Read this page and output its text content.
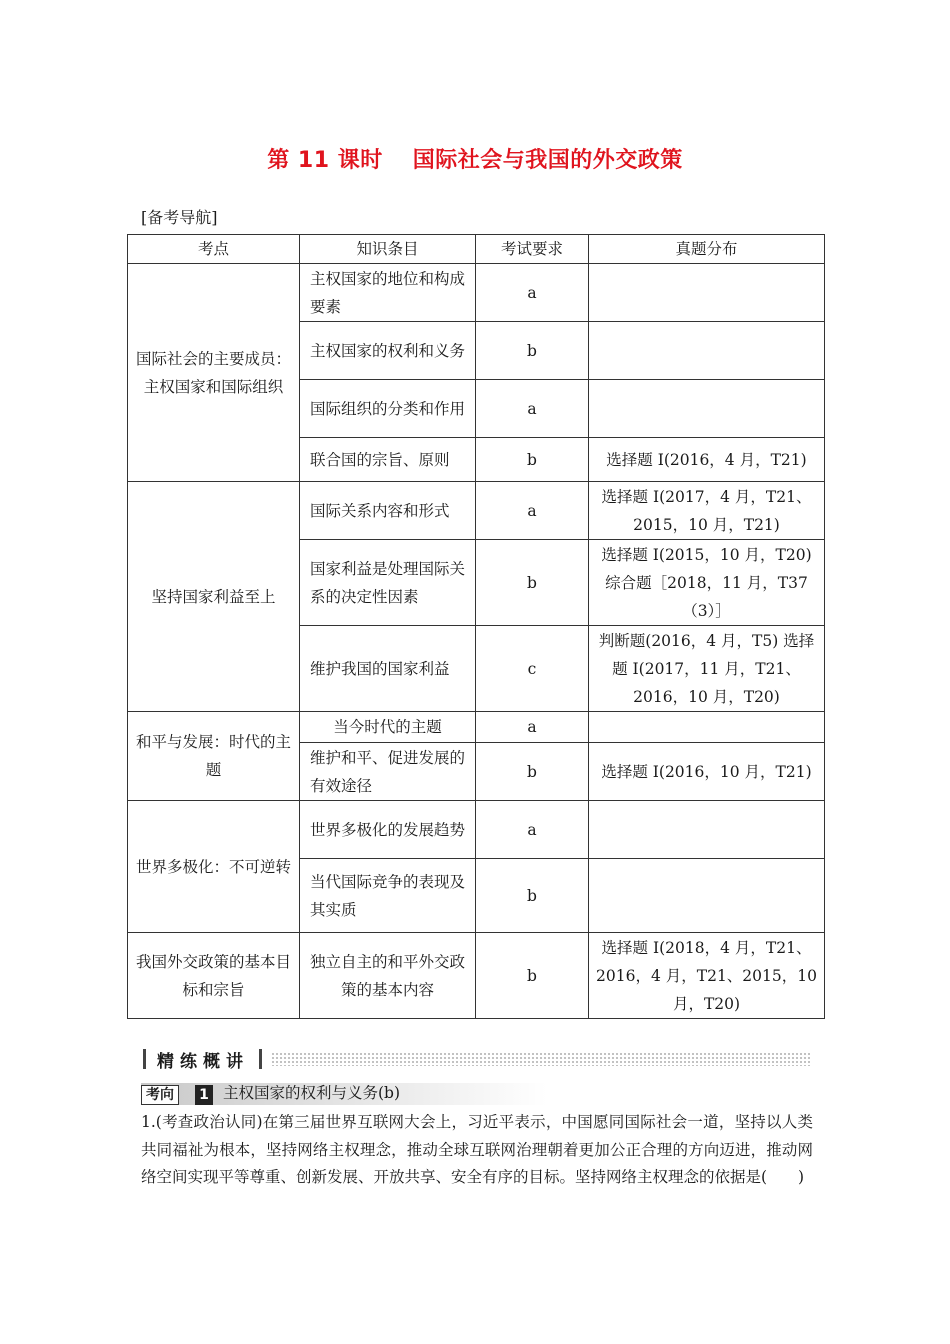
第 11 课时 国际社会与我国的外交政策
[备考导航]
考点	知识条目	考试要求	真题分布
国际社会的主要成员：主权国家和国际组织	主权国家的地位和构成要素	a	
	主权国家的权利和义务	b	
	国际组织的分类和作用	a	
	联合国的宗旨、原则	b	选择题 Ⅰ(2016，4 月，T21)
坚持国家利益至上	国际关系内容和形式	a	选择题 Ⅰ(2017，4 月，T21、2015，10 月，T21)
	国家利益是处理国际关系的决定性因素	b	选择题 Ⅰ(2015，10 月，T20) 综合题［2018，11 月，T37（3）］
	维护我国的国家利益	c	判断题(2016，4 月，T5) 选择题 Ⅰ(2017，11 月，T21、2016，10 月，T20)
和平与发展：时代的主题	当今时代的主题	a	
	维护和平、促进发展的有效途径	b	选择题 Ⅰ(2016，10 月，T21)
世界多极化：不可逆转	世界多极化的发展趋势	a	
	当代国际竞争的表现及其实质	b	
我国外交政策的基本目标和宗旨	独立自主的和平外交政策的基本内容	b	选择题 Ⅰ(2018，4 月，T21、2016，4 月，T21、2015，10 月，T20)
精练概讲
考向	1 主权国家的权利与义务(b)
1.(考查政治认同)在第三届世界互联网大会上，习近平表示，中国愿同国际社会一道，坚持以人类共同福祉为根本，坚持网络主权理念，推动全球互联网治理朝着更加公正合理的方向迈进，推动网络空间实现平等尊重、创新发展、开放共享、安全有序的目标。坚持网络主权理念的依据是(　　)
